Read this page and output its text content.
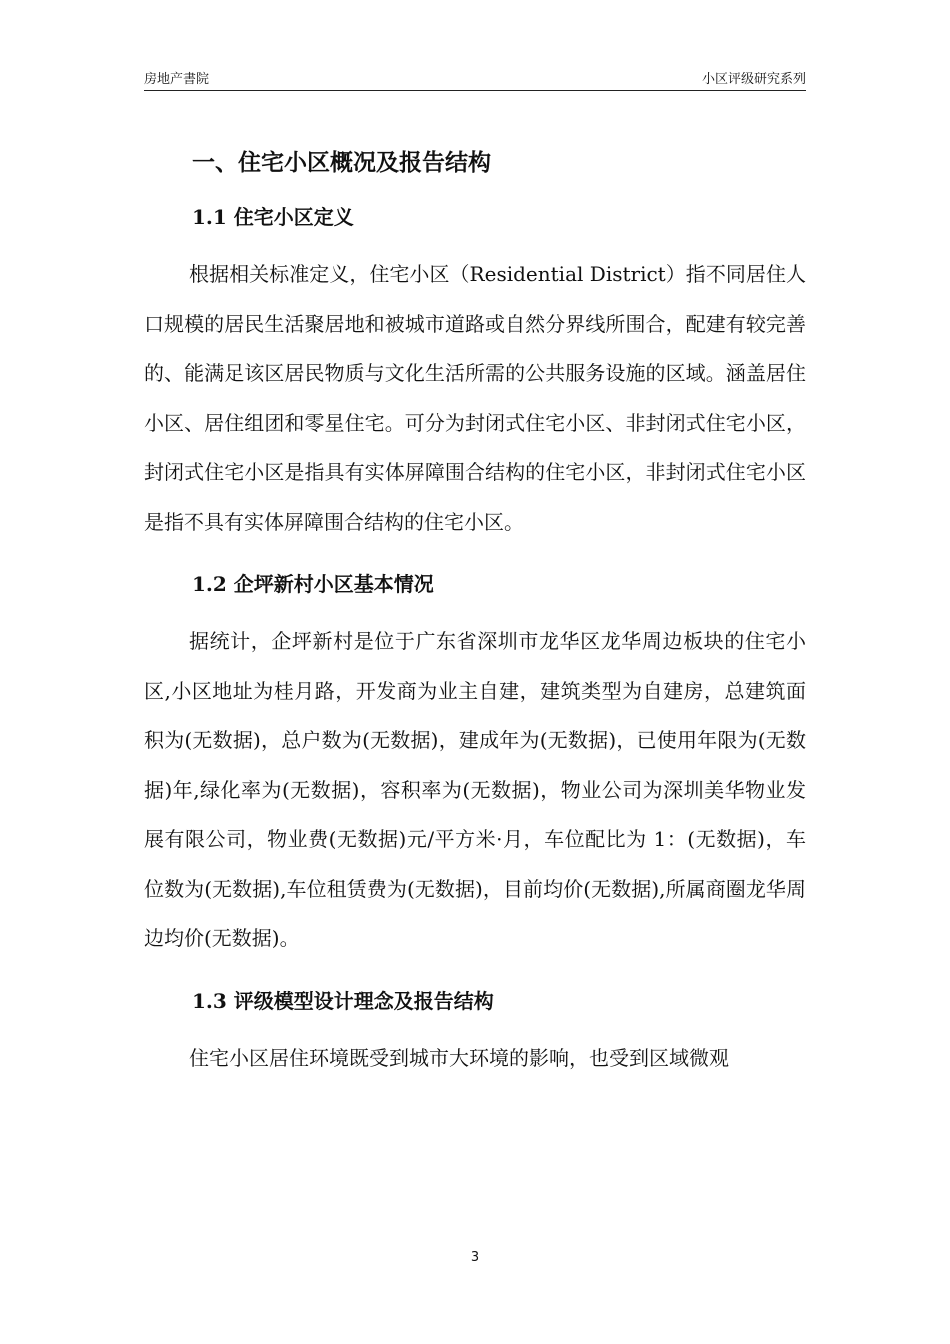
房地产書院	小区评级研究系列
一、住宅小区概况及报告结构
1.1 住宅小区定义

根据相关标准定义，住宅小区（Residential District）指不同居住人口规模的居民生活聚居地和被城市道路或自然分界线所围合，配建有较完善的、能满足该区居民物质与文化生活所需的公共服务设施的区域。涵盖居住小区、居住组团和零星住宅。可分为封闭式住宅小区、非封闭式住宅小区，封闭式住宅小区是指具有实体屏障围合结构的住宅小区，非封闭式住宅小区是指不具有实体屏障围合结构的住宅小区。

1.2 企坪新村小区基本情况

据统计，企坪新村是位于广东省深圳市龙华区龙华周边板块的住宅小区,小区地址为桂月路，开发商为业主自建，建筑类型为自建房，总建筑面积为(无数据)，总户数为(无数据)，建成年为(无数据)，已使用年限为(无数据)年,绿化率为(无数据)，容积率为(无数据)，物业公司为深圳美华物业发展有限公司，物业费(无数据)元/平方米·月，车位配比为 1：(无数据)，车位数为(无数据),车位租赁费为(无数据)，目前均价(无数据),所属商圈龙华周边均价(无数据)。

1.3 评级模型设计理念及报告结构

住宅小区居住环境既受到城市大环境的影响，也受到区域微观

3
